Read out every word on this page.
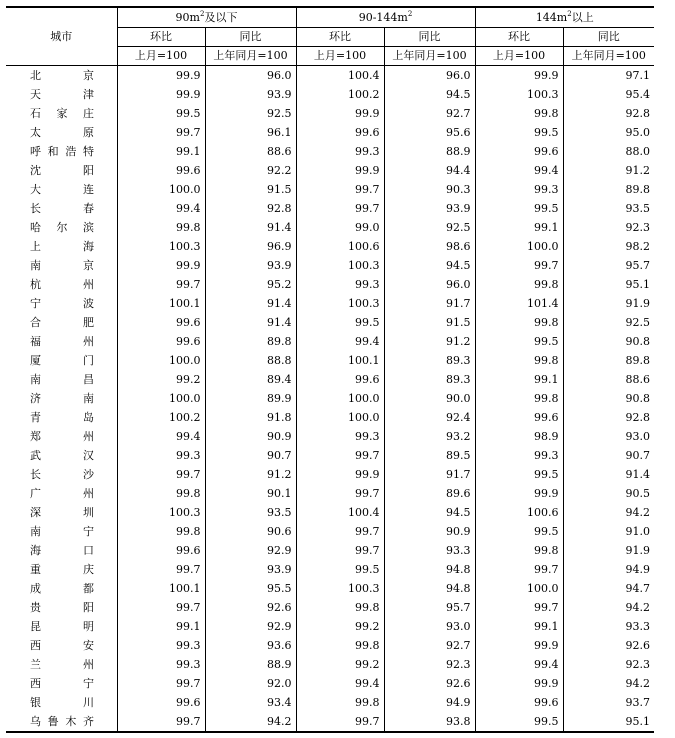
城市	$90m^2$及以下		$90-144m^2$		$144m^2$以上	
	环比	同比	环比	同比	环比	同比
	上月=100	上年同月=100	上月=100	上年同月=100	上月=100	上年同月=100

北京	99.9	96.0	100.4	96.0	99.9	97.1

天津	99.9	93.9	100.2	94.5	100.3	95.4

石家庄	99.5	92.5	99.9	92.7	99.8	92.8

太原	99.7	96.1	99.6	95.6	99.5	95.0

呼和浩特	99.1	88.6	99.3	88.9	99.6	88.0

沈阳	99.6	92.2	99.9	94.4	99.4	91.2

大连	100.0	91.5	99.7	90.3	99.3	89.8

长春	99.4	92.8	99.7	93.9	99.5	93.5

哈尔滨	99.8	91.4	99.0	92.5	99.1	92.3

上海	100.3	96.9	100.6	98.6	100.0	98.2

南京	99.9	93.9	100.3	94.5	99.7	95.7

杭州	99.7	95.2	99.3	96.0	99.8	95.1

宁波	100.1	91.4	100.3	91.7	101.4	91.9

合肥	99.6	91.4	99.5	91.5	99.8	92.5

福州	99.6	89.8	99.4	91.2	99.5	90.8

厦门	100.0	88.8	100.1	89.3	99.8	89.8

南昌	99.2	89.4	99.6	89.3	99.1	88.6

济南	100.0	89.9	100.0	90.0	99.8	90.8

青岛	100.2	91.8	100.0	92.4	99.6	92.8

郑州	99.4	90.9	99.3	93.2	98.9	93.0

武汉	99.3	90.7	99.7	89.5	99.3	90.7

长沙	99.7	91.2	99.9	91.7	99.5	91.4

广州	99.8	90.1	99.7	89.6	99.9	90.5

深圳	100.3	93.5	100.4	94.5	100.6	94.2

南宁	99.8	90.6	99.7	90.9	99.5	91.0

海口	99.6	92.9	99.7	93.3	99.8	91.9

重庆	99.7	93.9	99.5	94.8	99.7	94.9

成都	100.1	95.5	100.3	94.8	100.0	94.7

贵阳	99.7	92.6	99.8	95.7	99.7	94.2

昆明	99.1	92.9	99.2	93.0	99.1	93.3

西安	99.3	93.6	99.8	92.7	99.9	92.6

兰州	99.3	88.9	99.2	92.3	99.4	92.3

西宁	99.7	92.0	99.4	92.6	99.9	94.2

银川	99.6	93.4	99.8	94.9	99.6	93.7

乌鲁木齐	99.7	94.2	99.7	93.8	99.5	95.1
